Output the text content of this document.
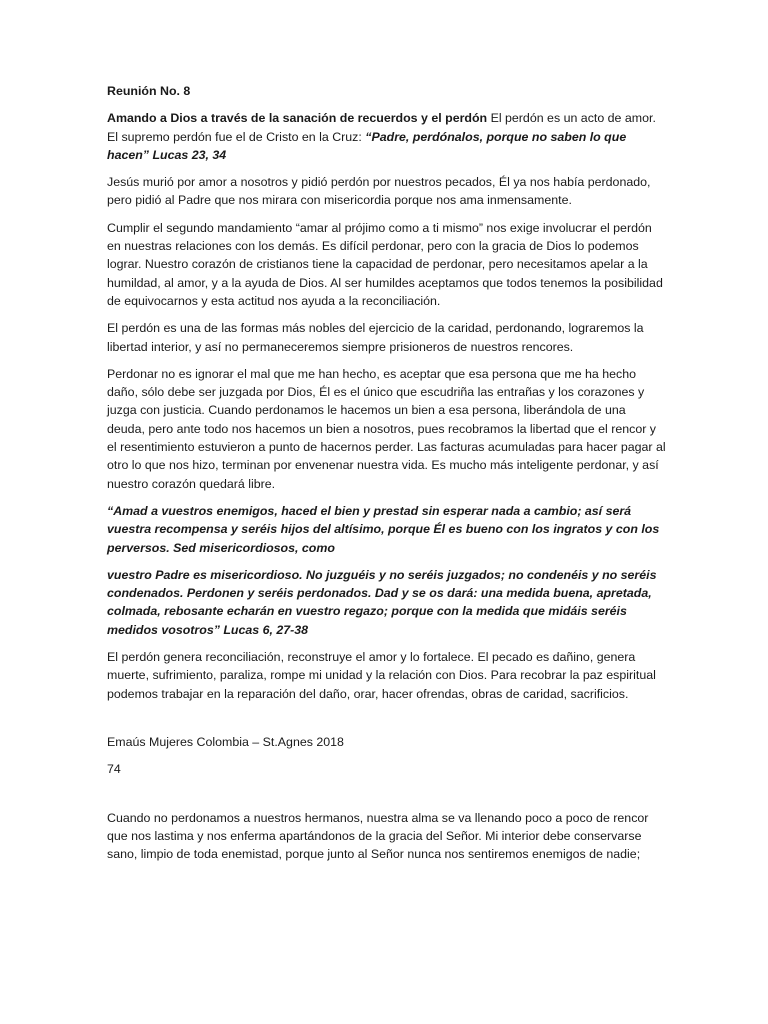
Reunión No. 8

Amando a Dios a través de la sanación de recuerdos y el perdón El perdón es un acto de amor. El supremo perdón fue el de Cristo en la Cruz: “Padre, perdónalos, porque no saben lo que hacen” Lucas 23, 34

Jesús murió por amor a nosotros y pidió perdón por nuestros pecados, Él ya nos había perdonado, pero pidió al Padre que nos mirara con misericordia porque nos ama inmensamente.

Cumplir el segundo mandamiento “amar al prójimo como a ti mismo” nos exige involucrar el perdón en nuestras relaciones con los demás. Es difícil perdonar, pero con la gracia de Dios lo podemos lograr. Nuestro corazón de cristianos tiene la capacidad de perdonar, pero necesitamos apelar a la humildad, al amor, y a la ayuda de Dios. Al ser humildes aceptamos que todos tenemos la posibilidad de equivocarnos y esta actitud nos ayuda a la reconciliación.

El perdón es una de las formas más nobles del ejercicio de la caridad, perdonando, lograremos la libertad interior, y así no permaneceremos siempre prisioneros de nuestros rencores.

Perdonar no es ignorar el mal que me han hecho, es aceptar que esa persona que me ha hecho daño, sólo debe ser juzgada por Dios, Él es el único que escudriña las entrañas y los corazones y juzga con justicia. Cuando perdonamos le hacemos un bien a esa persona, liberándola de una deuda, pero ante todo nos hacemos un bien a nosotros, pues recobramos la libertad que el rencor y el resentimiento estuvieron a punto de hacernos perder. Las facturas acumuladas para hacer pagar al otro lo que nos hizo, terminan por envenenar nuestra vida. Es mucho más inteligente perdonar, y así nuestro corazón quedará libre.

“Amad a vuestros enemigos, haced el bien y prestad sin esperar nada a cambio; así será vuestra recompensa y seréis hijos del altísimo, porque Él es bueno con los ingratos y con los perversos. Sed misericordiosos, como

vuestro Padre es misericordioso. No juzguéis y no seréis juzgados; no condenéis y no seréis condenados. Perdonen y seréis perdonados. Dad y se os dará: una medida buena, apretada, colmada, rebosante echarán en vuestro regazo; porque con la medida que midáis seréis medidos vosotros” Lucas 6, 27-38

El perdón genera reconciliación, reconstruye el amor y lo fortalece. El pecado es dañino, genera muerte, sufrimiento, paraliza, rompe mi unidad y la relación con Dios. Para recobrar la paz espiritual podemos trabajar en la reparación del daño, orar, hacer ofrendas, obras de caridad, sacrificios.

Emaús Mujeres Colombia – St.Agnes 2018

74

Cuando no perdonamos a nuestros hermanos, nuestra alma se va llenando poco a poco de rencor que nos lastima y nos enferma apartándonos de la gracia del Señor. Mi interior debe conservarse sano, limpio de toda enemistad, porque junto al Señor nunca nos sentiremos enemigos de nadie;
